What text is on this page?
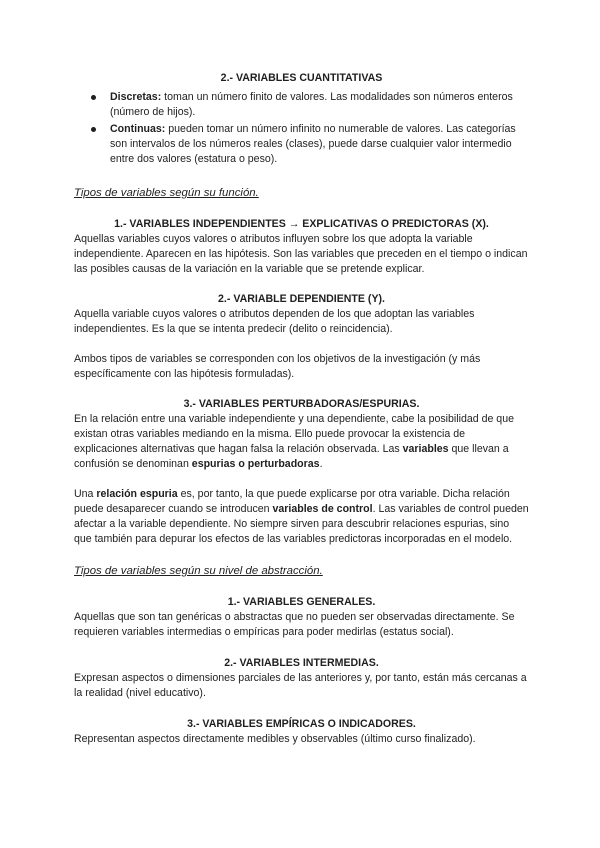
2.- VARIABLES CUANTITATIVAS

Discretas: toman un número finito de valores. Las modalidades son números enteros (número de hijos).
Continuas: pueden tomar un número infinito no numerable de valores. Las categorías son intervalos de los números reales (clases), puede darse cualquier valor intermedio entre dos valores (estatura o peso).

Tipos de variables según su función.

1.- VARIABLES INDEPENDIENTES → EXPLICATIVAS O PREDICTORAS (X).

Aquellas variables cuyos valores o atributos influyen sobre los que adopta la variable independiente. Aparecen en las hipótesis. Son las variables que preceden en el tiempo o indican las posibles causas de la variación en la variable que se pretende explicar.

2.- VARIABLE DEPENDIENTE (Y).

Aquella variable cuyos valores o atributos dependen de los que adoptan las variables independientes. Es la que se intenta predecir (delito o reincidencia).

Ambos tipos de variables se corresponden con los objetivos de la investigación (y más específicamente con las hipótesis formuladas).

3.- VARIABLES PERTURBADORAS/ESPURIAS.

En la relación entre una variable independiente y una dependiente, cabe la posibilidad de que existan otras variables mediando en la misma. Ello puede provocar la existencia de explicaciones alternativas que hagan falsa la relación observada. Las variables que llevan a confusión se denominan espurias o perturbadoras.

Una relación espuria es, por tanto, la que puede explicarse por otra variable. Dicha relación puede desaparecer cuando se introducen variables de control. Las variables de control pueden afectar a la variable dependiente. No siempre sirven para descubrir relaciones espurias, sino que también para depurar los efectos de las variables predictoras incorporadas en el modelo.

Tipos de variables según su nivel de abstracción.

1.- VARIABLES GENERALES.

Aquellas que son tan genéricas o abstractas que no pueden ser observadas directamente. Se requieren variables intermedias o empíricas para poder medirlas (estatus social).

2.- VARIABLES INTERMEDIAS.

Expresan aspectos o dimensiones parciales de las anteriores y, por tanto, están más cercanas a la realidad (nivel educativo).

3.- VARIABLES EMPÍRICAS O INDICADORES.

Representan aspectos directamente medibles y observables (último curso finalizado).
